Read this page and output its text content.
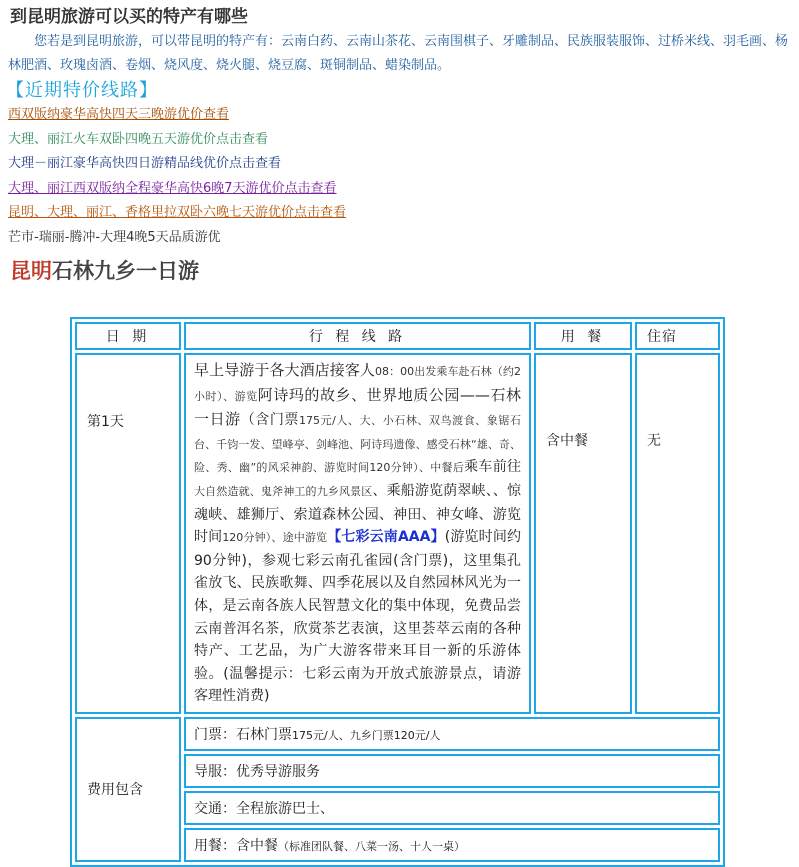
到昆明旅游可以买的特产有哪些
您若是到昆明旅游，可以带昆明的特产有：云南白药、云南山茶花、云南围棋子、牙雕制品、民族服装服饰、过桥米线、羽毛画、杨林肥酒、玫瑰卤酒、卷烟、烧风度、烧火腿、烧豆腐、斑铜制品、蜡染制品。
【近期特价线路】
西双版纳豪华高快四天三晚游优价查看
大理、丽江火车双卧四晚五天游优价点击查看
大理－丽江豪华高快四日游精品线优价点击查看
大理、丽江西双版纳全程豪华高快6晚7天游优价点击查看
昆明、大理、丽江、香格里拉双卧六晚七天游优价点击查看
芒市-瑞丽-腾冲-大理4晚5天品质游优
昆明石林九乡一日游
日 期	行 程 线 路	用 餐	住宿
第1天	早上导游于各大酒店接客人08：00出发乘车赴石林（约2小时）、游览阿诗玛的故乡、世界地质公园——石林一日游（含门票175元/人、大、小石林、双鸟渡食、象锯石台、千钧一发、望峰亭、剑峰池、阿诗玛遗像、感受石林“雄、奇、险、秀、幽”的风采神韵、游览时间120分钟）、中餐后乘车前往大自然造就、鬼斧神工的九乡风景区、乘船游览荫翠峡、、惊魂峡、雄狮厅、索道森林公园、神田、神女峰、游览时间120分钟）、途中游览【七彩云南AAA】(游览时间约90分钟)，参观七彩云南孔雀园(含门票)，这里集孔雀放飞、民族歌舞、四季花展以及自然园林风光为一体，是云南各族人民智慧文化的集中体现，免费品尝云南普洱名茶，欣赏茶艺表演，这里荟萃云南的各种特产、工艺品，为广大游客带来耳目一新的乐游体验。(温馨提示：七彩云南为开放式旅游景点，请游客理性消费)	含中餐	无
费用包含	门票：石林门票175元/人、九乡门票120元/人		
	导服：优秀导游服务		
	交通：全程旅游巴士、		
	用餐：含中餐（标准团队餐、八菜一汤、十人一桌）		
